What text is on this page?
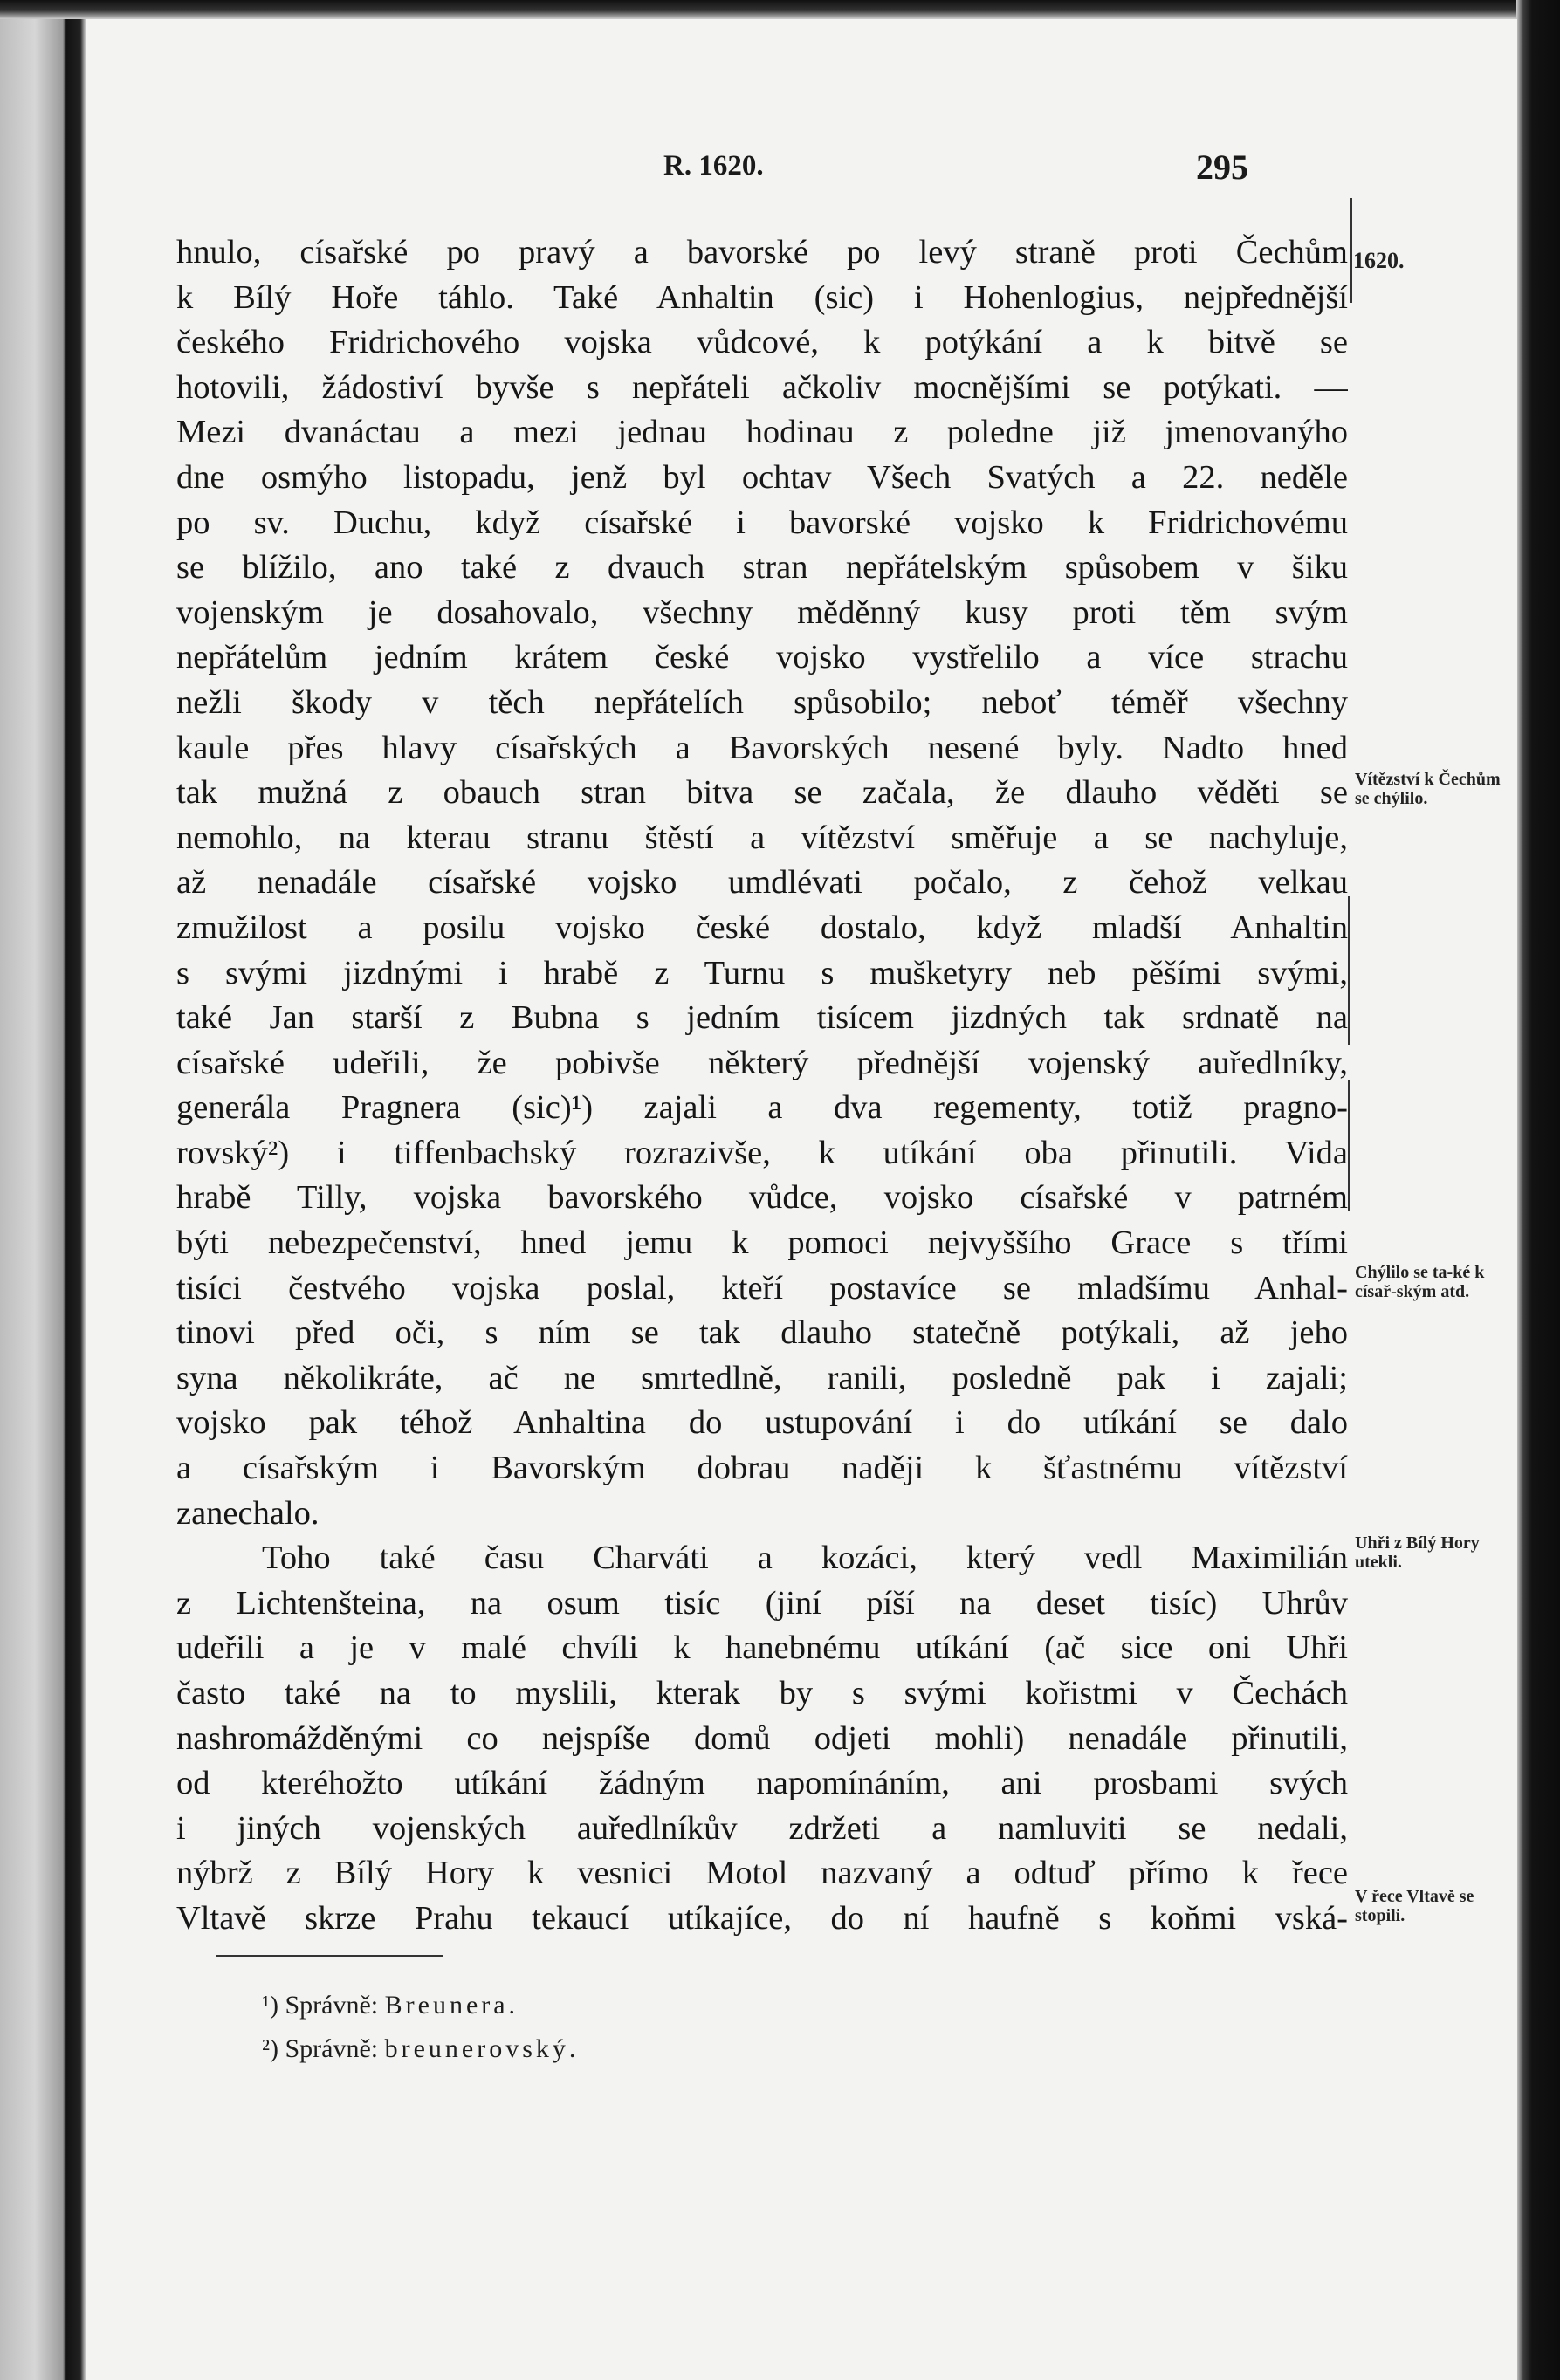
R. 1620.	295
hnulo, císařské po pravý a bavorské po levý straně proti Čechům
k Bílý Hoře táhlo. Také Anhaltin (sic) i Hohenlogius, nejpřednější
českého Fridrichového vojska vůdcové, k potýkání a k bitvě se
hotovili, žádostiví byvše s nepřáteli ačkoliv mocnějšími se potýkati. —
Mezi dvanáctau a mezi jednau hodinau z poledne již jmenovanýho
dne osmýho listopadu, jenž byl ochtav Všech Svatých a 22. neděle
po sv. Duchu, když císařské i bavorské vojsko k Fridrichovému
se blížilo, ano také z dvauch stran nepřátelským spůsobem v šiku
vojenským je dosahovalo, všechny měděnný kusy proti těm svým
nepřátelům jedním krátem české vojsko vystřelilo a více strachu
nežli škody v těch nepřátelích spůsobilo; neboť téměř všechny
kaule přes hlavy císařských a Bavorských nesené byly. Nadto hned
tak mužná z obauch stran bitva se začala, že dlauho věděti se
nemohlo, na kterau stranu štěstí a vítězství směřuje a se nachyluje,
až nenadále císařské vojsko umdlévati počalo, z čehož velkau
zmužilost a posilu vojsko české dostalo, když mladší Anhaltin
s svými jizdnými i hrabě z Turnu s mušketyry neb pěšími svými,
také Jan starší z Bubna s jedním tisícem jizdných tak srdnatě na
císařské udeřili, že pobivše některý přednější vojenský auředlníky,
generála Pragnera (sic)¹) zajali a dva regementy, totiž pragno-
rovský²) i tiffenbachský rozrazivše, k utíkání oba přinutili. Vida
hrabě Tilly, vojska bavorského vůdce, vojsko císařské v patrném
býti nebezpečenství, hned jemu k pomoci nejvyššího Grace s třími
tisíci čestvého vojska poslal, kteří postavíce se mladšímu Anhal-
tinovi před oči, s ním se tak dlauho statečně potýkali, až jeho
syna několikráte, ač ne smrtedlně, ranili, posledně pak i zajali;
vojsko pak téhož Anhaltina do ustupování i do utíkání se dalo
a císařským i Bavorským dobrau naději k šťastnému vítězství
zanechalo.
Toho také času Charváti a kozáci, který vedl Maximilián
z Lichtenšteina, na osum tisíc (jiní píší na deset tisíc) Uhrův
udeřili a je v malé chvíli k hanebnému utíkání (ač sice oni Uhři
často také na to myslili, kterak by s svými kořistmi v Čechách
nashromážděnými co nejspíše domů odjeti mohli) nenadále přinutili,
od kteréhožto utíkání žádným napomínáním, ani prosbami svých
i jiných vojenských auředlníkův zdržeti a namluviti se nedali,
nýbrž z Bílý Hory k vesnici Motol nazvaný a odtuď přímo k řece
Vltavě skrze Prahu tekaucí utíkajíce, do ní haufně s koňmi vská-
1620.
Vítězství k Čechům se chýlilo.
Chýlilo se ta-ké k císař-ským atd.
Uhři z Bílý Hory utekli.
V řece Vltavě se stopili.
¹) Správně: Breunera.
²) Správně: breunerovský.
